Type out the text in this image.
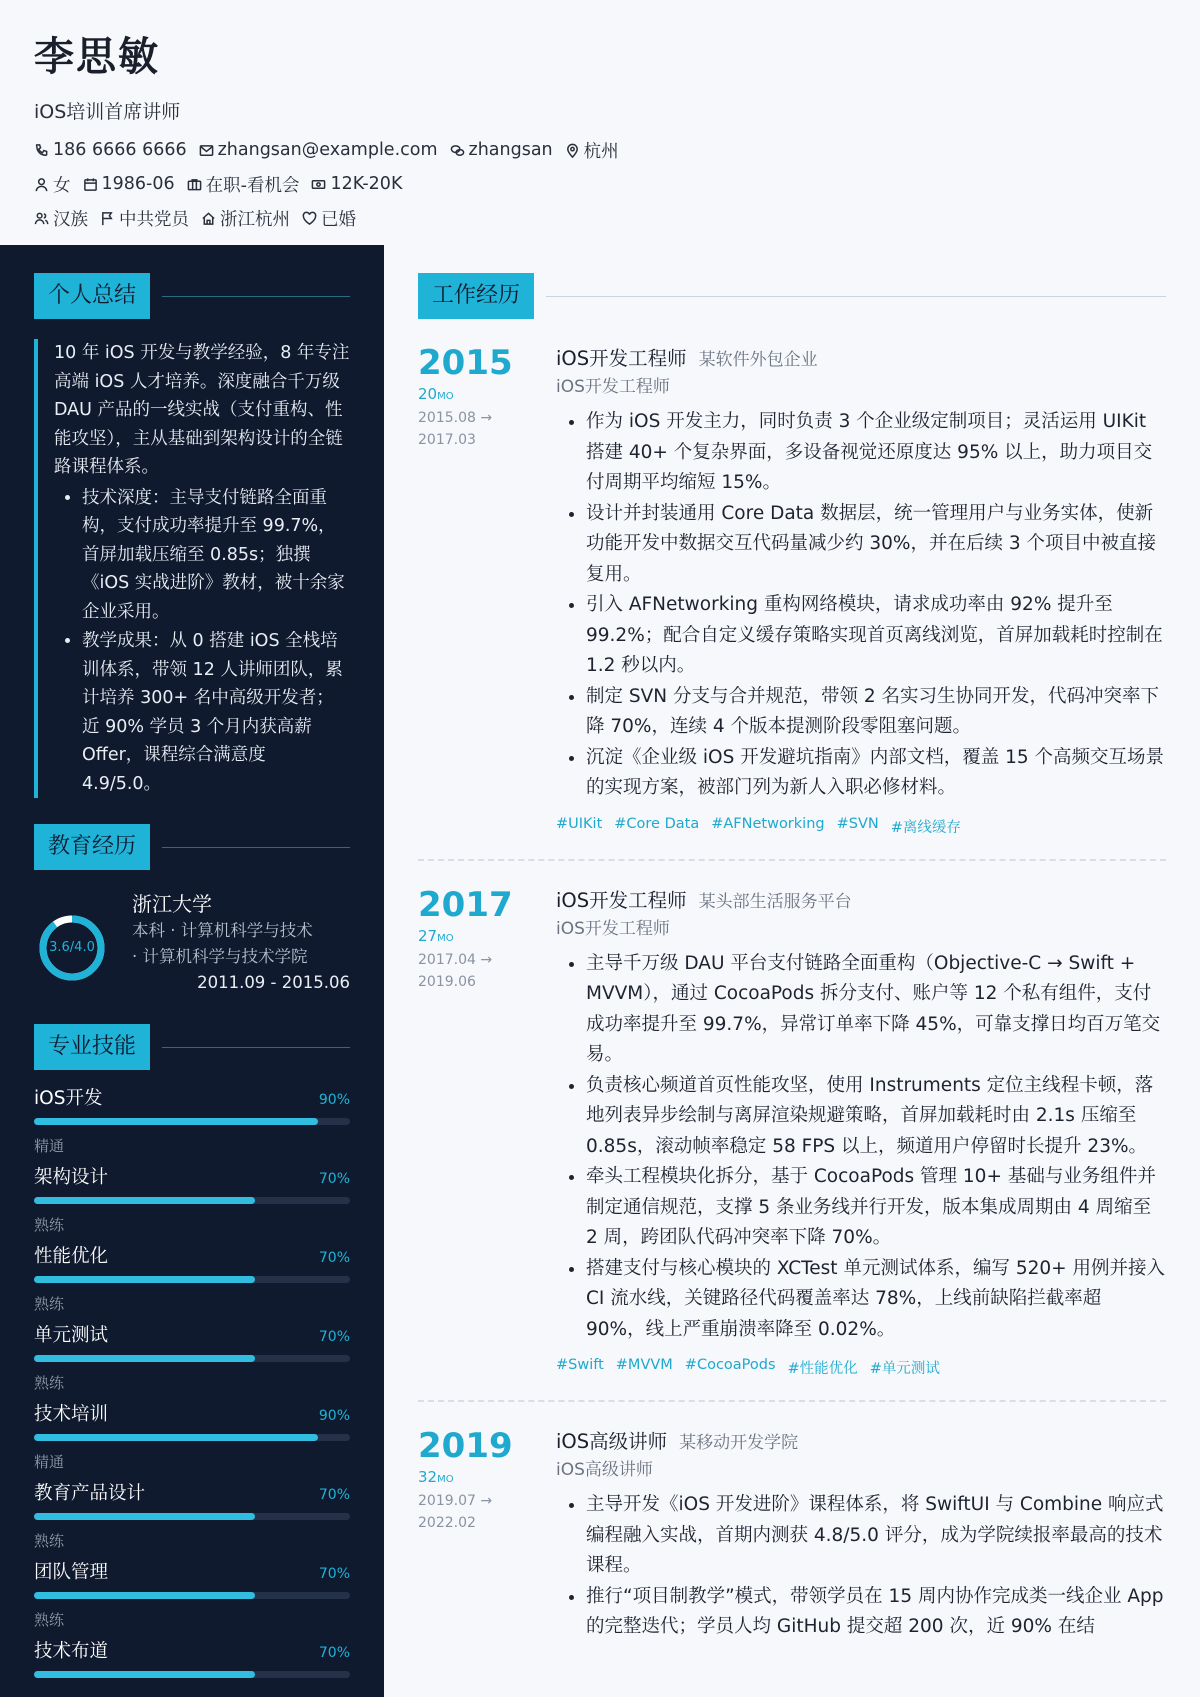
李思敏
iOS培训首席讲师
186 6666 6666 zhangsan@example.com zhangsan 杭州
女 1986-06 在职-看机会 12K-20K
汉族 中共党员 浙江杭州 已婚
个人总结
10 年 iOS 开发与教学经验，8 年专注高端 iOS 人才培养。深度融合千万级 DAU 产品的一线实战（支付重构、性能攻坚），主从基础到架构设计的全链路课程体系。
• 技术深度：主导支付链路全面重构，支付成功率提升至 99.7%，首屏加载压缩至 0.85s；独撰《iOS 实战进阶》教材，被十余家企业采用。
• 教学成果：从 0 搭建 iOS 全栈培训体系，带领 12 人讲师团队，累计培养 300+ 名中高级开发者；近 90% 学员 3 个月内获高薪 Offer，课程综合满意度 4.9/5.0。
教育经历
3.6/4.0
浙江大学
本科 · 计算机科学与技术
· 计算机科学与技术学院
2011.09 - 2015.06
专业技能
iOS开发	90%
精通
架构设计	70%
熟练
性能优化	70%
熟练
单元测试	70%
熟练
技术培训	90%
精通
教育产品设计	70%
熟练
团队管理	70%
熟练
技术布道	70%
工作经历
2015
20MO
2015.08 →
2017.03
iOS开发工程师 某软件外包企业
iOS开发工程师
• 作为 iOS 开发主力，同时负责 3 个企业级定制项目；灵活运用 UIKit 搭建 40+ 个复杂界面，多设备视觉还原度达 95% 以上，助力项目交付周期平均缩短 15%。
• 设计并封装通用 Core Data 数据层，统一管理用户与业务实体，使新功能开发中数据交互代码量减少约 30%，并在后续 3 个项目中被直接复用。
• 引入 AFNetworking 重构网络模块，请求成功率由 92% 提升至 99.2%；配合自定义缓存策略实现首页离线浏览，首屏加载耗时控制在 1.2 秒以内。
• 制定 SVN 分支与合并规范，带领 2 名实习生协同开发，代码冲突率下降 70%，连续 4 个版本提测阶段零阻塞问题。
• 沉淀《企业级 iOS 开发避坑指南》内部文档，覆盖 15 个高频交互场景的实现方案，被部门列为新人入职必修材料。
#UIKit #Core Data #AFNetworking #SVN #离线缓存
2017
27MO
2017.04 →
2019.06
iOS开发工程师 某头部生活服务平台
iOS开发工程师
• 主导千万级 DAU 平台支付链路全面重构（Objective-C → Swift + MVVM），通过 CocoaPods 拆分支付、账户等 12 个私有组件，支付成功率提升至 99.7%，异常订单率下降 45%，可靠支撑日均百万笔交易。
• 负责核心频道首页性能攻坚，使用 Instruments 定位主线程卡顿，落地列表异步绘制与离屏渲染规避策略，首屏加载耗时由 2.1s 压缩至 0.85s，滚动帧率稳定 58 FPS 以上，频道用户停留时长提升 23%。
• 牵头工程模块化拆分，基于 CocoaPods 管理 10+ 基础与业务组件并制定通信规范，支撑 5 条业务线并行开发，版本集成周期由 4 周缩至 2 周，跨团队代码冲突率下降 70%。
• 搭建支付与核心模块的 XCTest 单元测试体系，编写 520+ 用例并接入 CI 流水线，关键路径代码覆盖率达 78%，上线前缺陷拦截率超 90%，线上严重崩溃率降至 0.02%。
#Swift #MVVM #CocoaPods #性能优化 #单元测试
2019
32MO
2019.07 →
2022.02
iOS高级讲师 某移动开发学院
iOS高级讲师
• 主导开发《iOS 开发进阶》课程体系，将 SwiftUI 与 Combine 响应式编程融入实战，首期内测获 4.8/5.0 评分，成为学院续报率最高的技术课程。
• 推行“项目制教学”模式，带领学员在 15 周内协作完成类一线企业 App 的完整迭代；学员人均 GitHub 提交超 200 次，近 90% 在结
